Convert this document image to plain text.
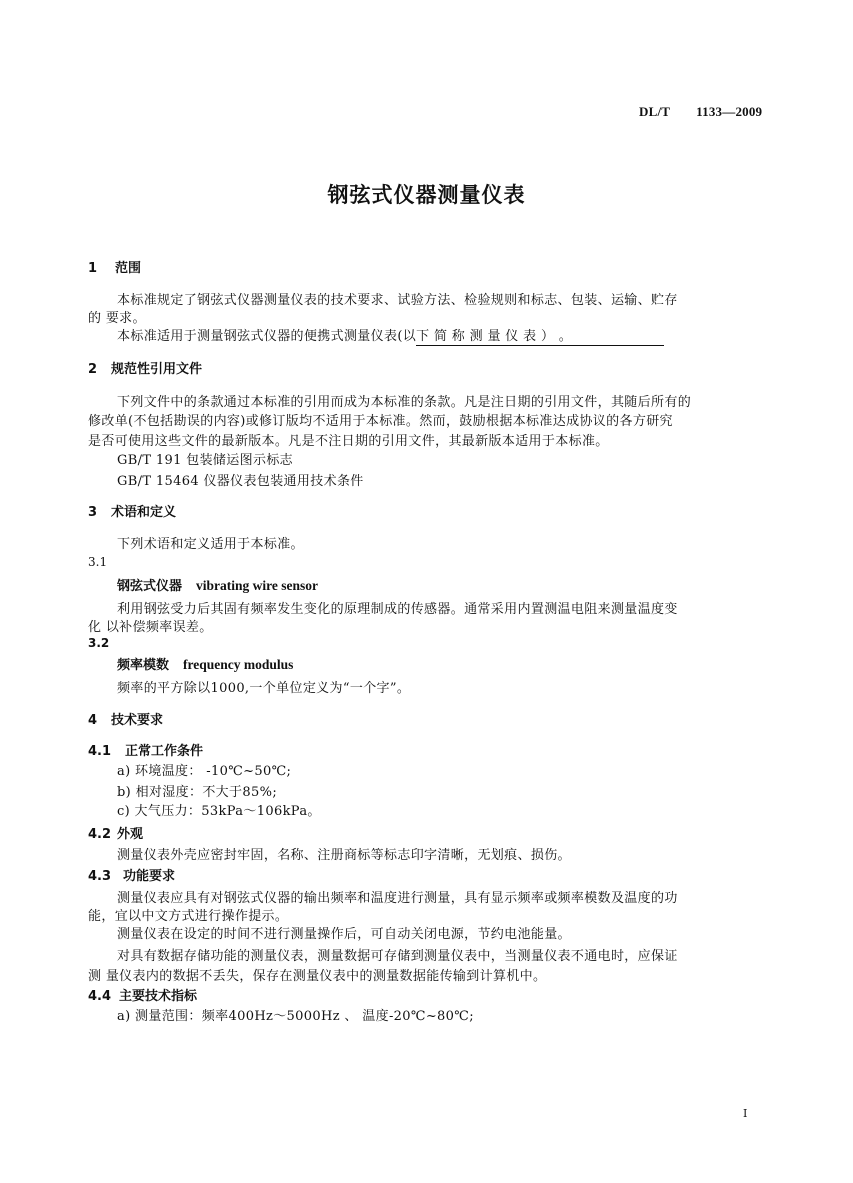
DL/T 1133—2009
钢弦式仪器测量仪表
1 范围
本标准规定了钢弦式仪器测量仪表的技术要求、试验方法、检验规则和标志、包装、运输、贮存
的 要求。
本标准适用于测量钢弦式仪器的便携式测量仪表(以下 简 称 测 量 仪 表 ） 。
2 规范性引用文件
下列文件中的条款通过本标准的引用而成为本标准的条款。凡是注日期的引用文件，其随后所有的
修改单(不包括勘误的内容)或修订版均不适用于本标准。然而，鼓励根据本标准达成协议的各方研究
是否可使用这些文件的最新版本。凡是不注日期的引用文件，其最新版本适用于本标准。
GB/T 191 包装储运图示标志
GB/T 15464 仪器仪表包装通用技术条件
3 术语和定义
下列术语和定义适用于本标准。
3.1
钢弦式仪器 vibrating wire sensor
利用钢弦受力后其固有频率发生变化的原理制成的传感器。通常采用内置测温电阻来测量温度变
化 以补偿频率误差。
3.2
频率模数 frequency modulus
频率的平方除以1000,一个单位定义为“一个字”。
4 技术要求
4.1 正常工作条件
a) 环境温度： -10℃~50℃;
b) 相对湿度：不大于85%;
c) 大气压力：53kPa～106kPa。
4.2 外观
测量仪表外壳应密封牢固，名称、注册商标等标志印字清晰，无划痕、损伤。
4.3 功能要求
测量仪表应具有对钢弦式仪器的输出频率和温度进行测量，具有显示频率或频率模数及温度的功
能，宜以中文方式进行操作提示。
测量仪表在设定的时间不进行测量操作后，可自动关闭电源，节约电池能量。
对具有数据存储功能的测量仪表，测量数据可存储到测量仪表中，当测量仪表不通电时，应保证
测 量仪表内的数据不丢失，保存在测量仪表中的测量数据能传输到计算机中。
4.4 主要技术指标
a) 测量范围：频率400Hz～5000Hz 、 温度-20℃~80℃;
I
